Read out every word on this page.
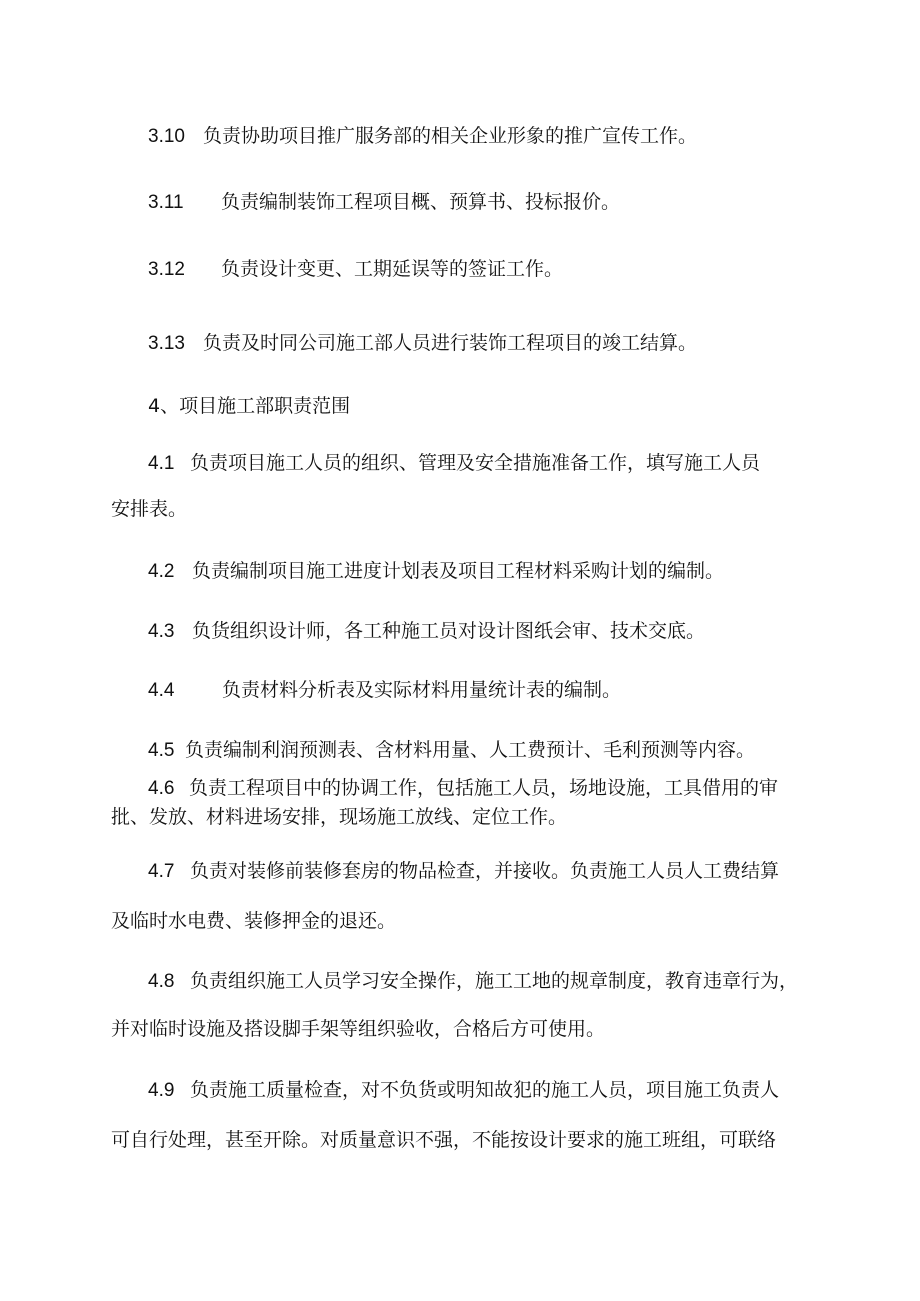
3.10 负责协助项目推广服务部的相关企业形象的推广宣传工作。
3.11 负责编制装饰工程项目概、预算书、投标报价。
3.12 负责设计变更、工期延误等的签证工作。
3.13 负责及时同公司施工部人员进行装饰工程项目的竣工结算。
4、项目施工部职责范围
4.1 负责项目施工人员的组织、管理及安全措施准备工作，填写施工人员
安排表。
4.2 负责编制项目施工进度计划表及项目工程材料采购计划的编制。
4.3 负货组织设计师，各工种施工员对设计图纸会审、技术交底。
4.4	负责材料分析表及实际材料用量统计表的编制。
4.5 负责编制利润预测表、含材料用量、人工费预计、毛利预测等内容。
4.6 负责工程项目中的协调工作，包括施工人员，场地设施，工具借用的审
批、发放、材料进场安排，现场施工放线、定位工作。
4.7 负责对装修前装修套房的物品检查，并接收。负责施工人员人工费结算
及临时水电费、装修押金的退还。
4.8 负责组织施工人员学习安全操作，施工工地的规章制度，教育违章行为，
并对临时设施及搭设脚手架等组织验收，合格后方可使用。
4.9 负责施工质量检查，对不负货或明知故犯的施工人员，项目施工负责人
可自行处理，甚至开除。对质量意识不强，不能按设计要求的施工班组，可联络
